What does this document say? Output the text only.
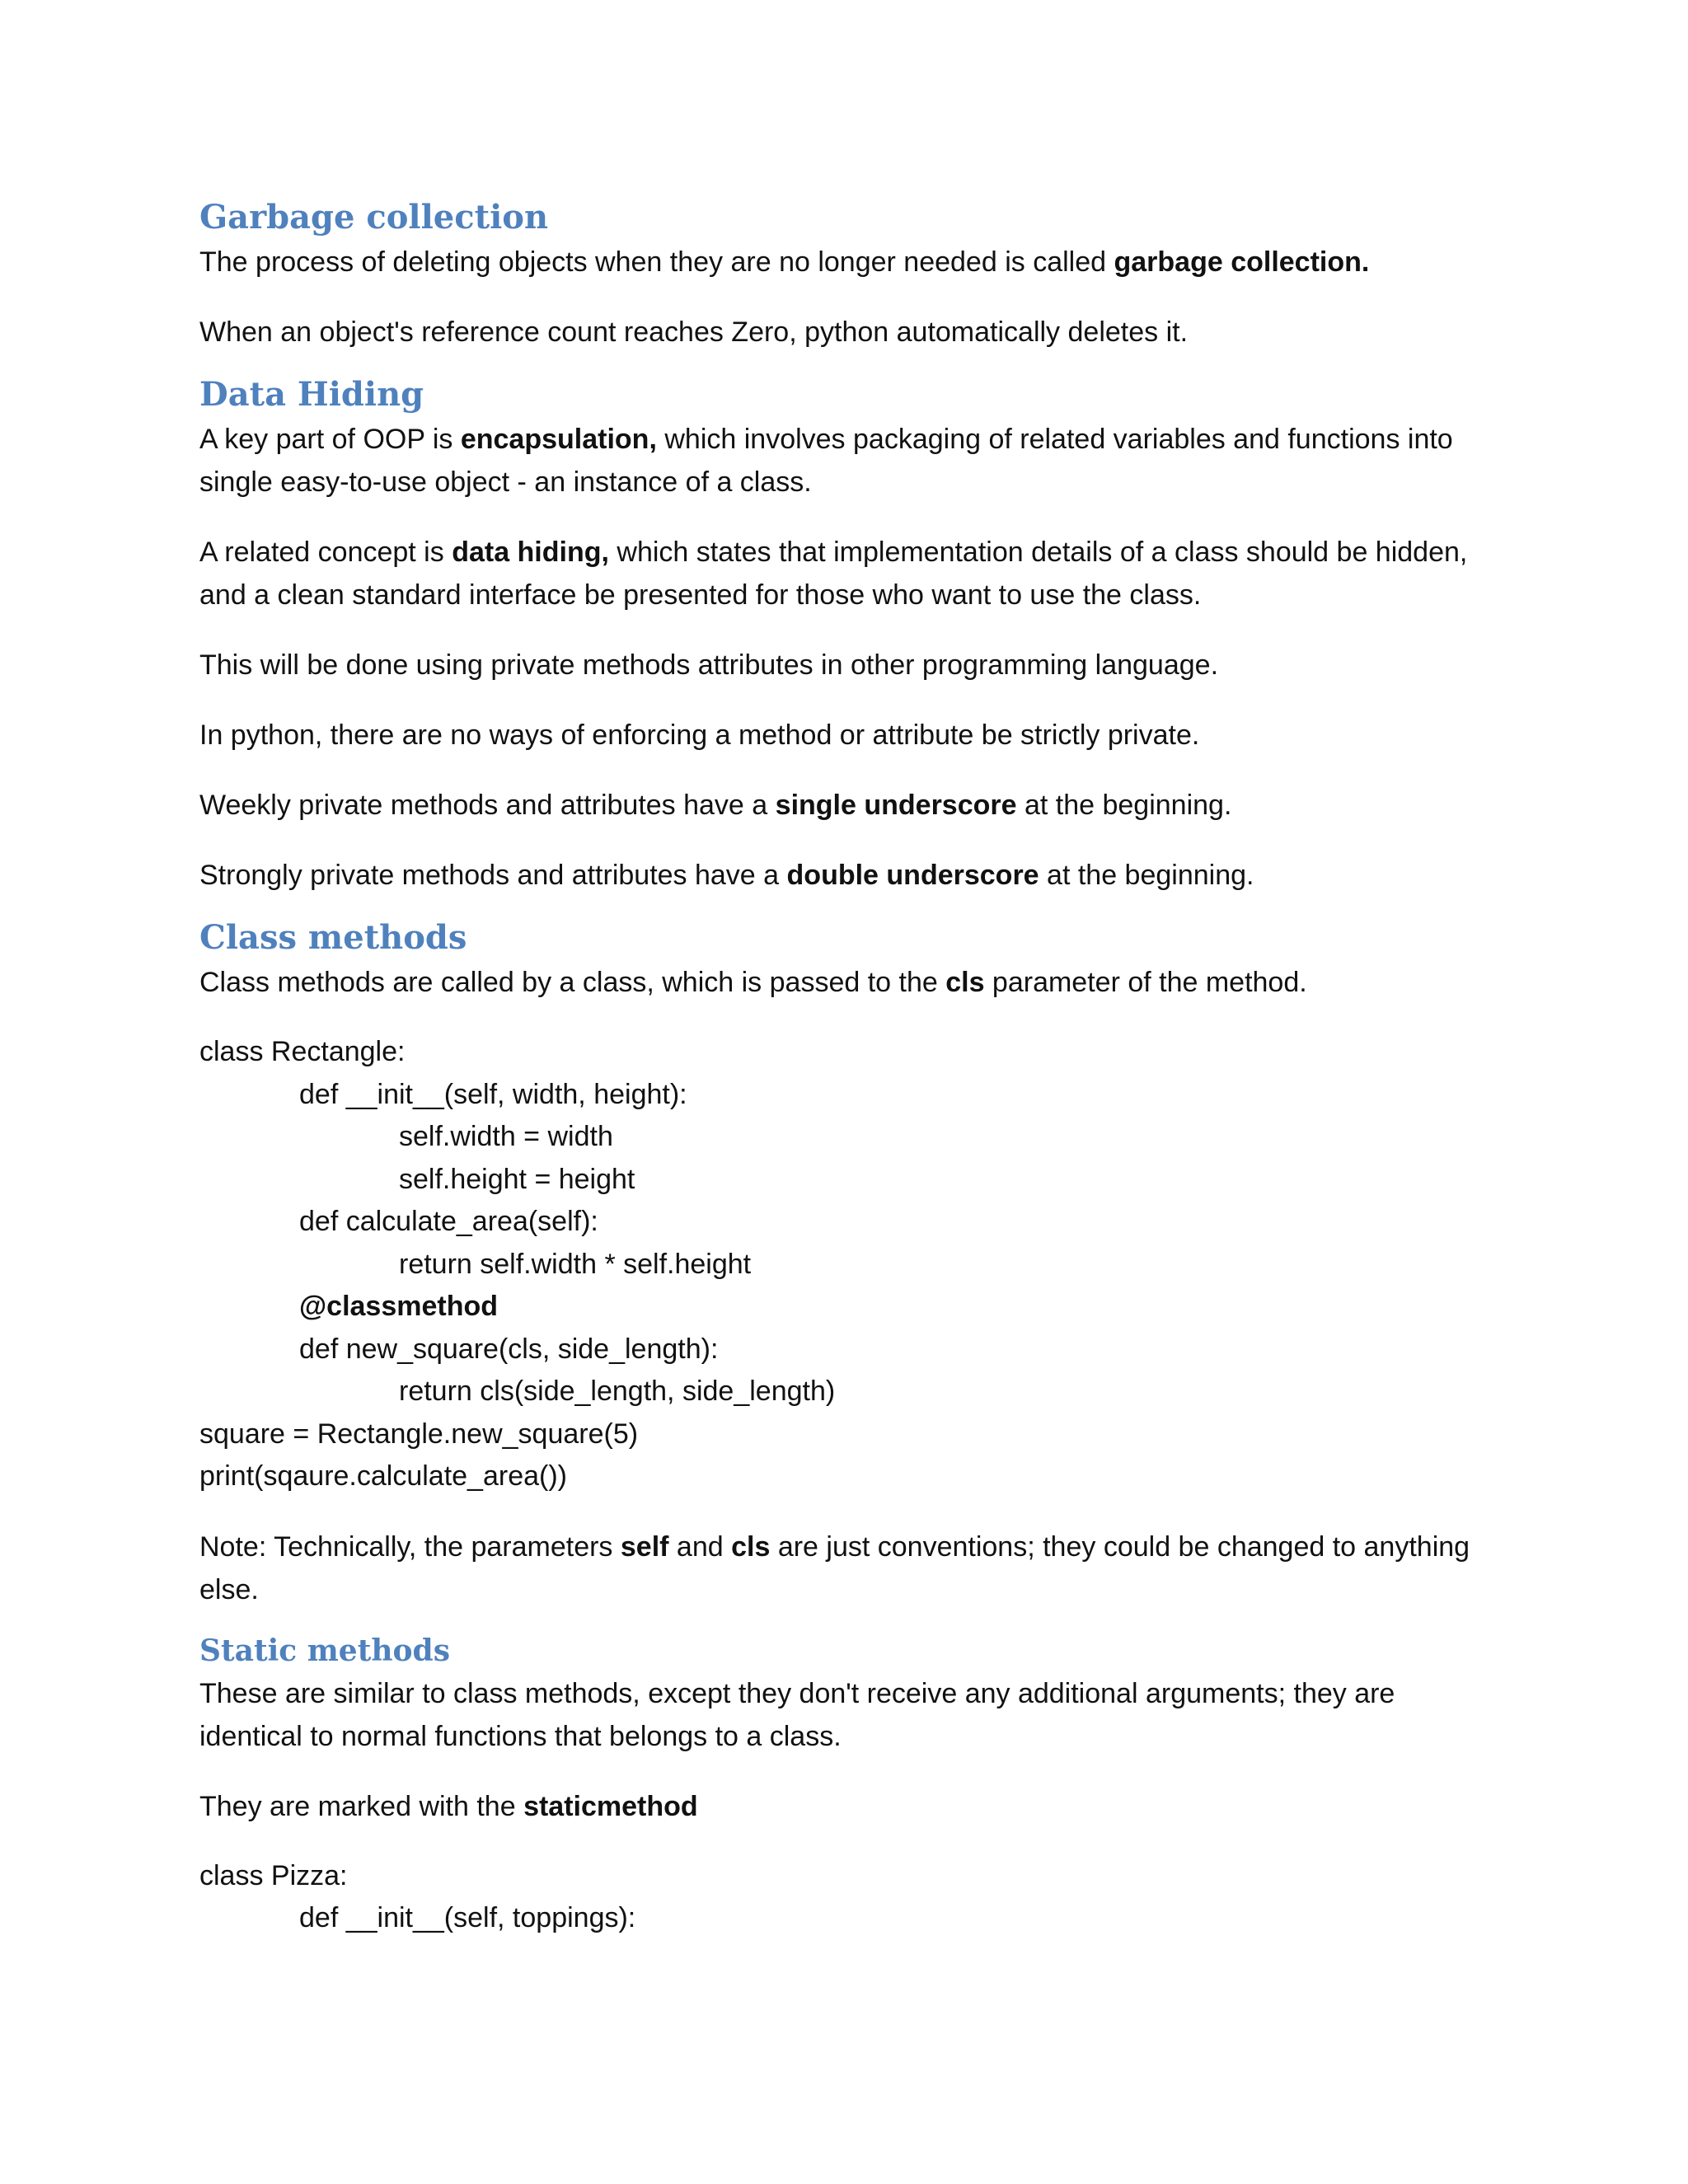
Garbage collection

The process of deleting objects when they are no longer needed is called garbage collection.

When an object's reference count reaches Zero, python automatically deletes it.

Data Hiding

A key part of OOP is encapsulation, which involves packaging of related variables and functions into single easy-to-use object - an instance of a class.

A related concept is data hiding, which states that implementation details of a class should be hidden, and a clean standard interface be presented for those who want to use the class.

This will be done using private methods attributes in other programming language.

In python, there are no ways of enforcing a method or attribute be strictly private.

Weekly private methods and attributes have a single underscore at the beginning.

Strongly private methods and attributes have a double underscore at the beginning.

Class methods

Class methods are called by a class, which is passed to the cls parameter of the method.

class Rectangle:
def __init__(self, width, height):
self.width = width
self.height = height
def calculate_area(self):
return self.width * self.height
@classmethod
def new_square(cls, side_length):
return cls(side_length, side_length)
square = Rectangle.new_square(5)
print(sqaure.calculate_area())

Note: Technically, the parameters self and cls are just conventions; they could be changed to anything else.

Static methods

These are similar to class methods, except they don't receive any additional arguments; they are identical to normal functions that belongs to a class.

They are marked with the staticmethod

class Pizza:
def __init__(self, toppings):
